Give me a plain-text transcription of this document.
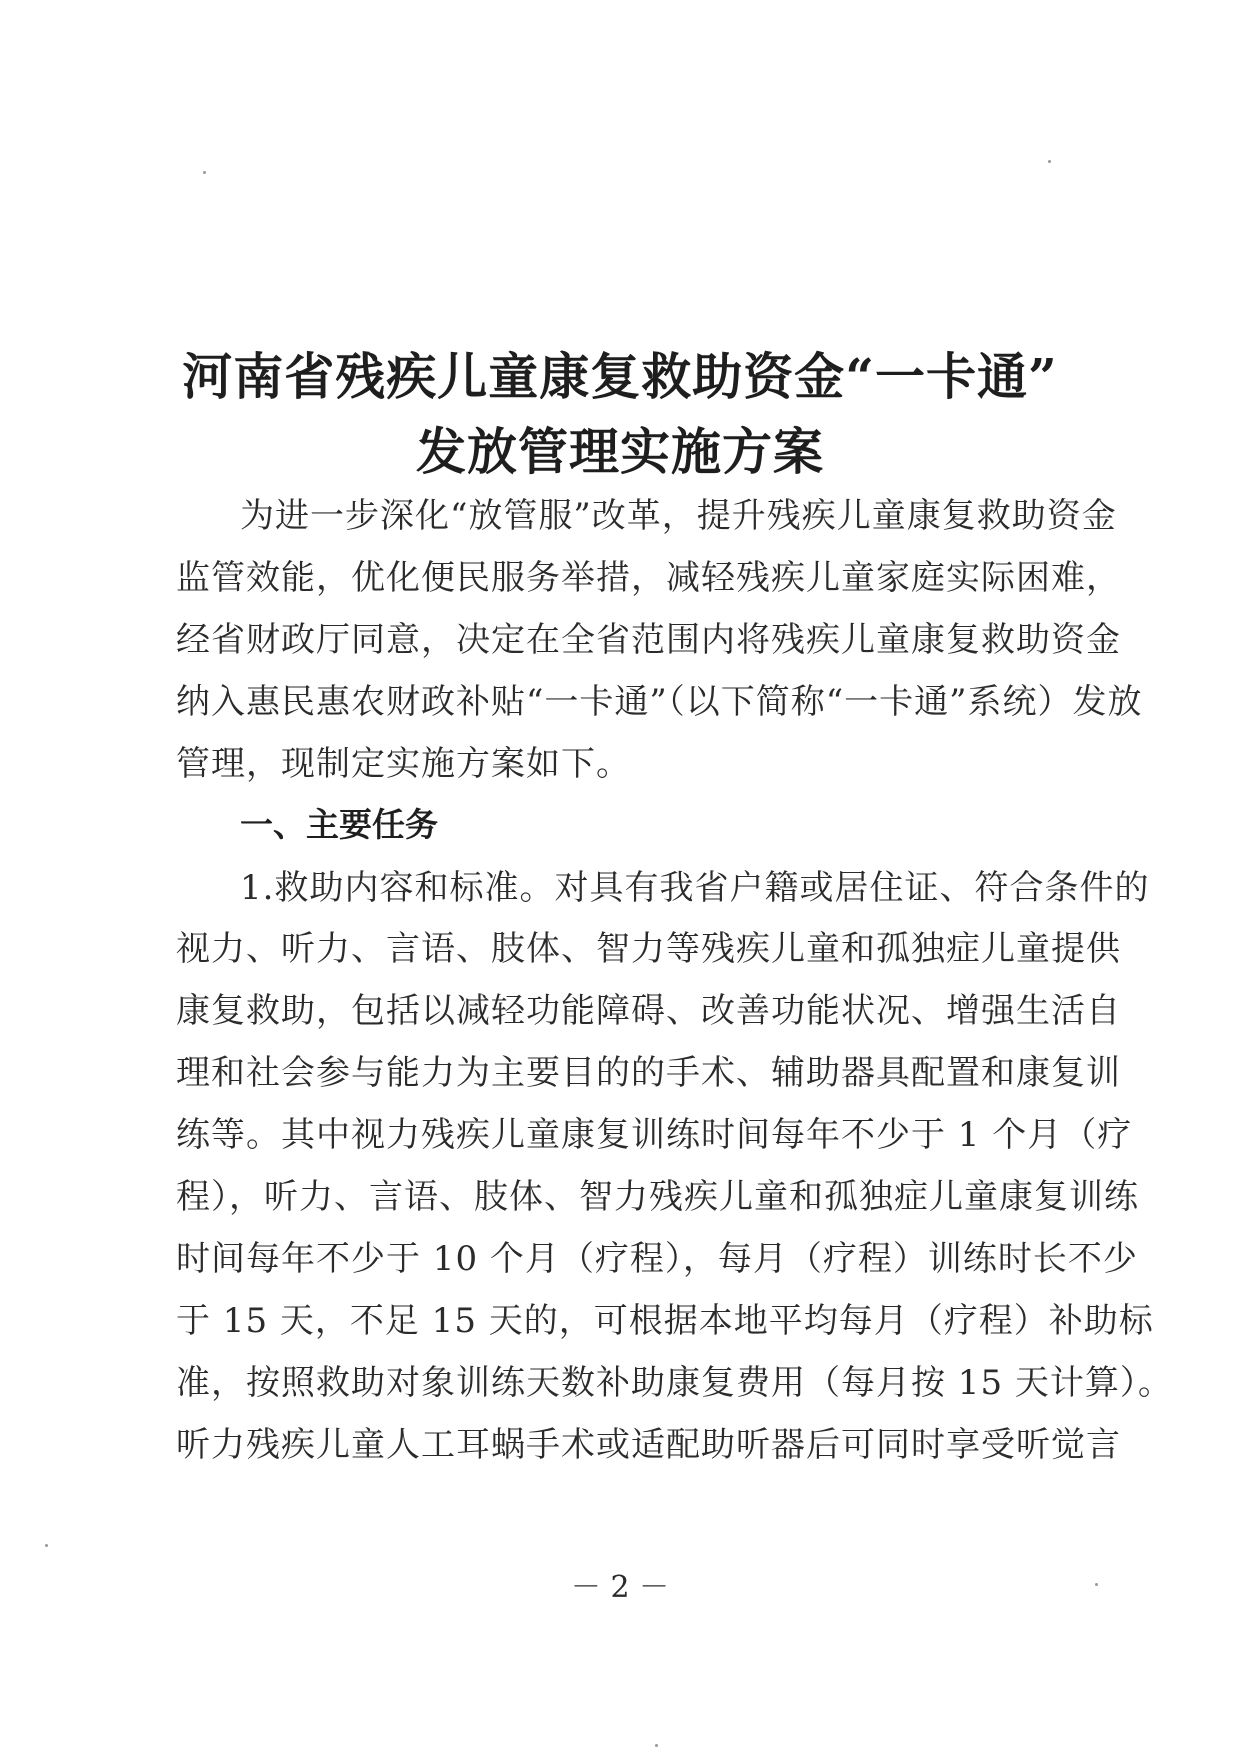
河南省残疾儿童康复救助资金“一卡通”
发放管理实施方案
为进一步深化“放管服”改革，提升残疾儿童康复救助资金
监管效能，优化便民服务举措，减轻残疾儿童家庭实际困难，
经省财政厅同意，决定在全省范围内将残疾儿童康复救助资金
纳入惠民惠农财政补贴“一卡通”（以下简称“一卡通”系统）发放
管理，现制定实施方案如下。
一、主要任务
1.救助内容和标准。对具有我省户籍或居住证、符合条件的
视力、听力、言语、肢体、智力等残疾儿童和孤独症儿童提供
康复救助，包括以减轻功能障碍、改善功能状况、增强生活自
理和社会参与能力为主要目的的手术、辅助器具配置和康复训
练等。其中视力残疾儿童康复训练时间每年不少于 1 个月（疗
程），听力、言语、肢体、智力残疾儿童和孤独症儿童康复训练
时间每年不少于 10 个月（疗程），每月（疗程）训练时长不少
于 15 天，不足 15 天的，可根据本地平均每月（疗程）补助标
准，按照救助对象训练天数补助康复费用（每月按 15 天计算）。
听力残疾儿童人工耳蜗手术或适配助听器后可同时享受听觉言
－ 2 －
